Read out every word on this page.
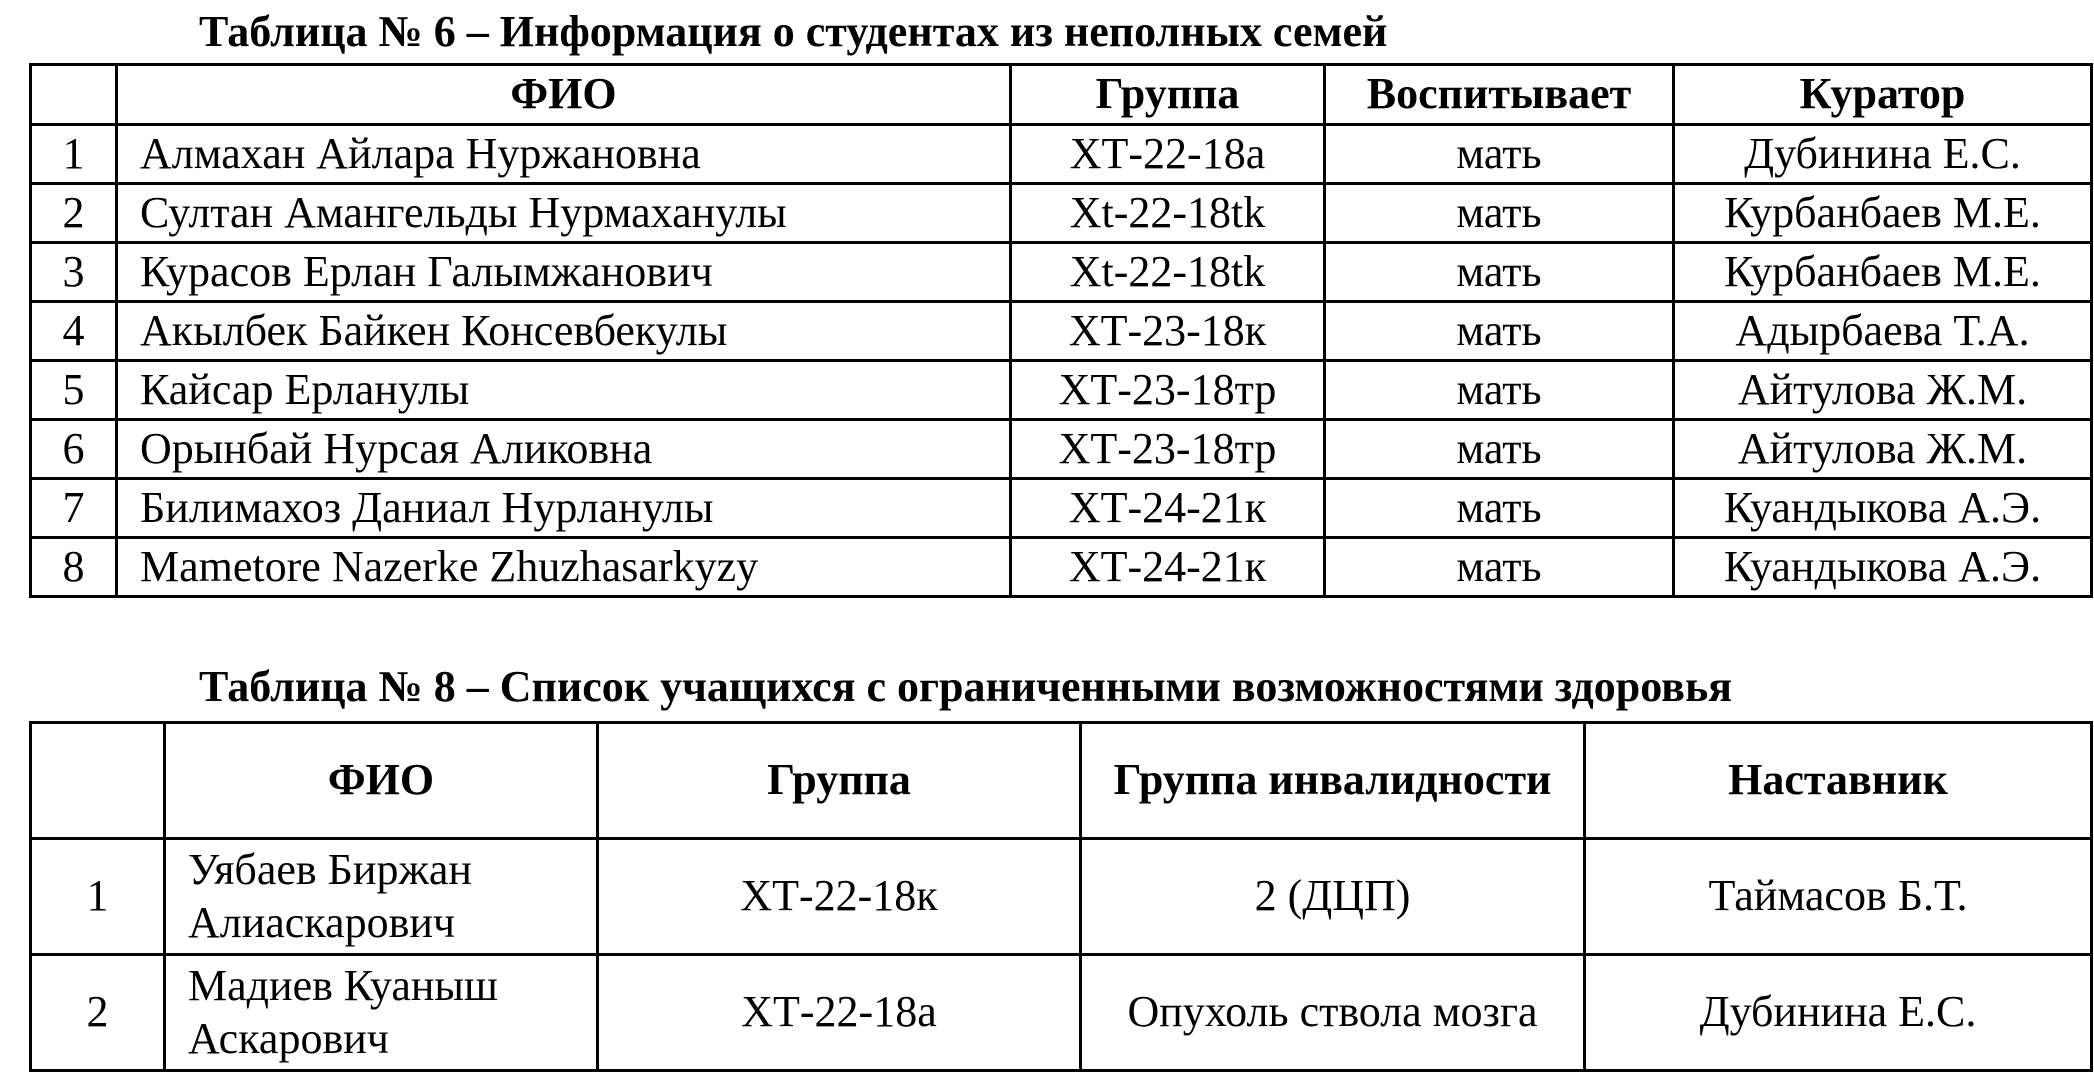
Таблица № 6 – Информация о студентах из неполных семей
	ФИО	Группа	Воспитывает	Куратор
1	Алмахан Айлара Нуржановна	ХТ-22-18а	мать	Дубинина Е.С.
2	Султан Амангельды Нурмаханулы	Xt-22-18tk	мать	Курбанбаев М.Е.
3	Курасов Ерлан Галымжанович	Xt-22-18tk	мать	Курбанбаев М.Е.
4	Акылбек Байкен Консевбекулы	ХТ-23-18к	мать	Адырбаева Т.А.
5	Кайсар Ерланулы	ХТ-23-18тр	мать	Айтулова Ж.М.
6	Орынбай Нурсая Аликовна	ХТ-23-18тр	мать	Айтулова Ж.М.
7	Билимахоз Даниал Нурланулы	ХТ-24-21к	мать	Куандыкова А.Э.
8	Mametore Nazerke Zhuzhasarkyzy	ХТ-24-21к	мать	Куандыкова А.Э.
Таблица № 8 – Список учащихся с ограниченными возможностями здоровья
	ФИО	Группа	Группа инвалидности	Наставник
1	Уябаев Биржан Алиаскарович	ХТ-22-18к	2 (ДЦП)	Таймасов Б.Т.
2	Мадиев Куаныш Аскарович	ХТ-22-18а	Опухоль ствола мозга	Дубинина Е.С.
